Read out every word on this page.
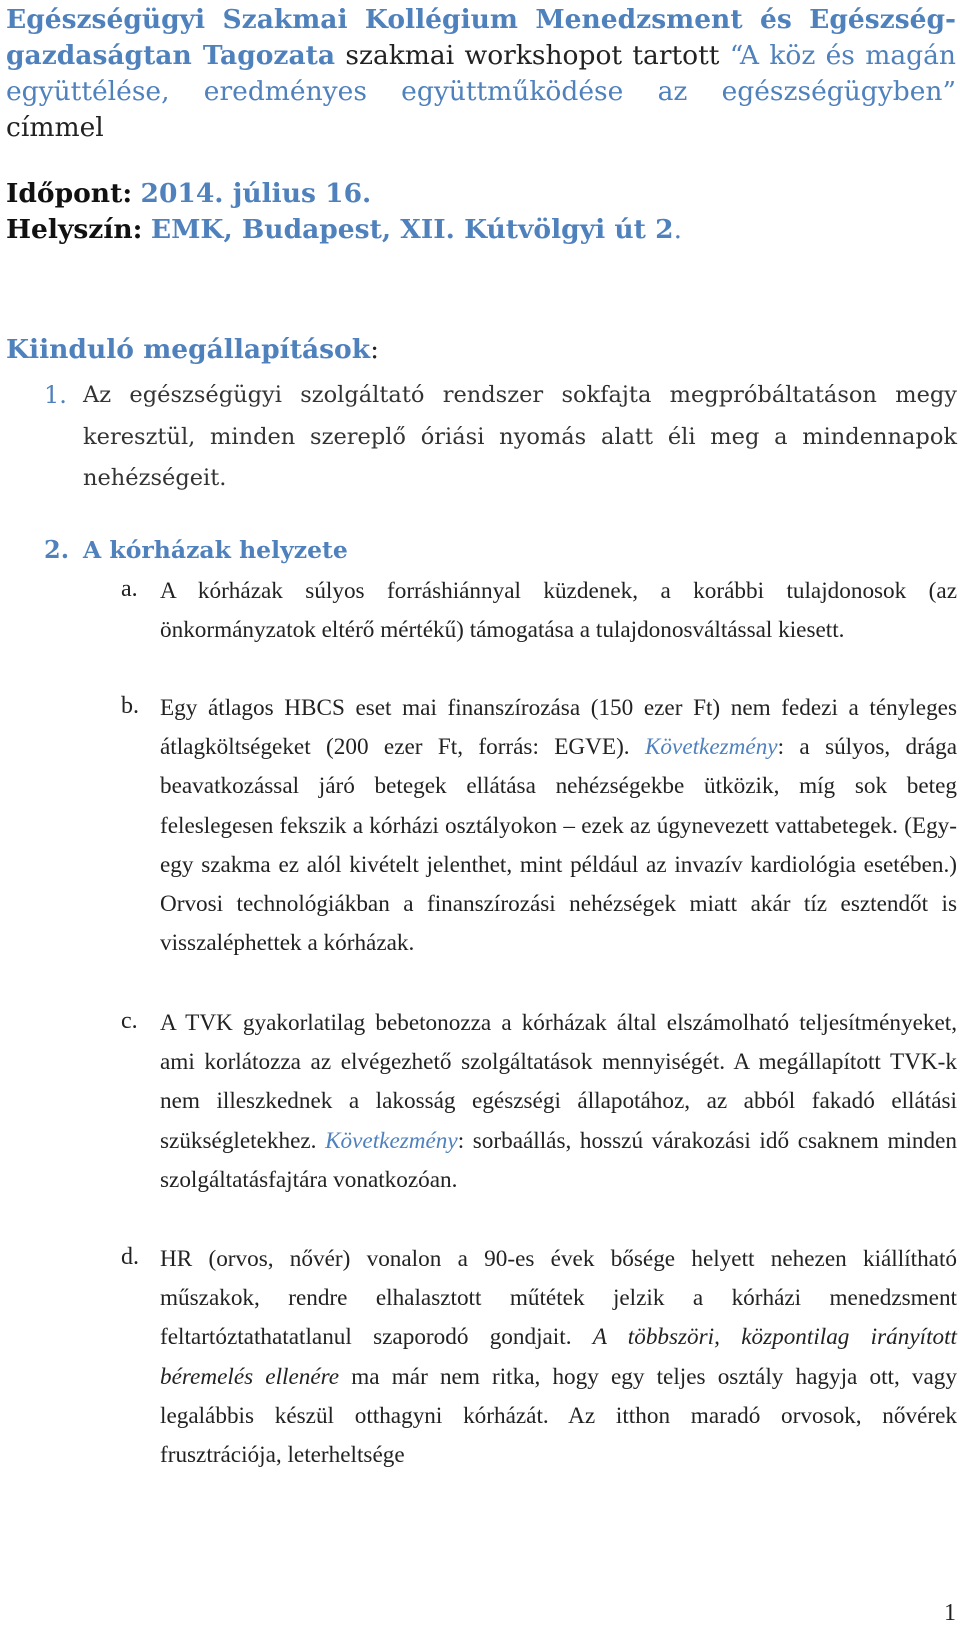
Egészségügyi Szakmai Kollégium Menedzsment és Egészséggazdaságtan Tagozata szakmai workshopot tartott “A köz és magán együttélése, eredményes együttműködése az egészségügyben” címmel
Időpont: 2014. július 16.
Helyszín: EMK, Budapest, XII. Kútvölgyi út 2.
Kiinduló megállapítások:
1. Az egészségügyi szolgáltató rendszer sokfajta megpróbáltatáson megy keresztül, minden szereplő óriási nyomás alatt éli meg a mindennapok nehézségeit.
2. A kórházak helyzete
a. A kórházak súlyos forráshiánnyal küzdenek, a korábbi tulajdonosok (az önkormányzatok eltérő mértékű) támogatása a tulajdonosváltással kiesett.
b. Egy átlagos HBCS eset mai finanszírozása (150 ezer Ft) nem fedezi a tényleges átlagköltségeket (200 ezer Ft, forrás: EGVE). Következmény: a súlyos, drága beavatkozással járó betegek ellátása nehézségekbe ütközik, míg sok beteg feleslegesen fekszik a kórházi osztályokon – ezek az úgynevezett vattabetegek. (Egy-egy szakma ez alól kivételt jelenthet, mint például az invazív kardiológia esetében.) Orvosi technológiákban a finanszírozási nehézségek miatt akár tíz esztendőt is visszaléphettek a kórházak.
c. A TVK gyakorlatilag bebetonozza a kórházak által elszámolható teljesítményeket, ami korlátozza az elvégezhető szolgáltatások mennyiségét. A megállapított TVK-k nem illeszkednek a lakosság egészségi állapotához, az abból fakadó ellátási szükségletekhez. Következmény: sorbaállás, hosszú várakozási idő csaknem minden szolgáltatásfajtára vonatkozóan.
d. HR (orvos, nővér) vonalon a 90-es évek bősége helyett nehezen kiállítható műszakok, rendre elhalasztott műtétek jelzik a kórházi menedzsment feltartóztathatatlanul szaporodó gondjait. A többszöri, központilag irányított béremelés ellenére ma már nem ritka, hogy egy teljes osztály hagyja ott, vagy legalábbis készül otthagyni kórházát. Az itthon maradó orvosok, nővérek frusztrációja, leterheltsége
1
